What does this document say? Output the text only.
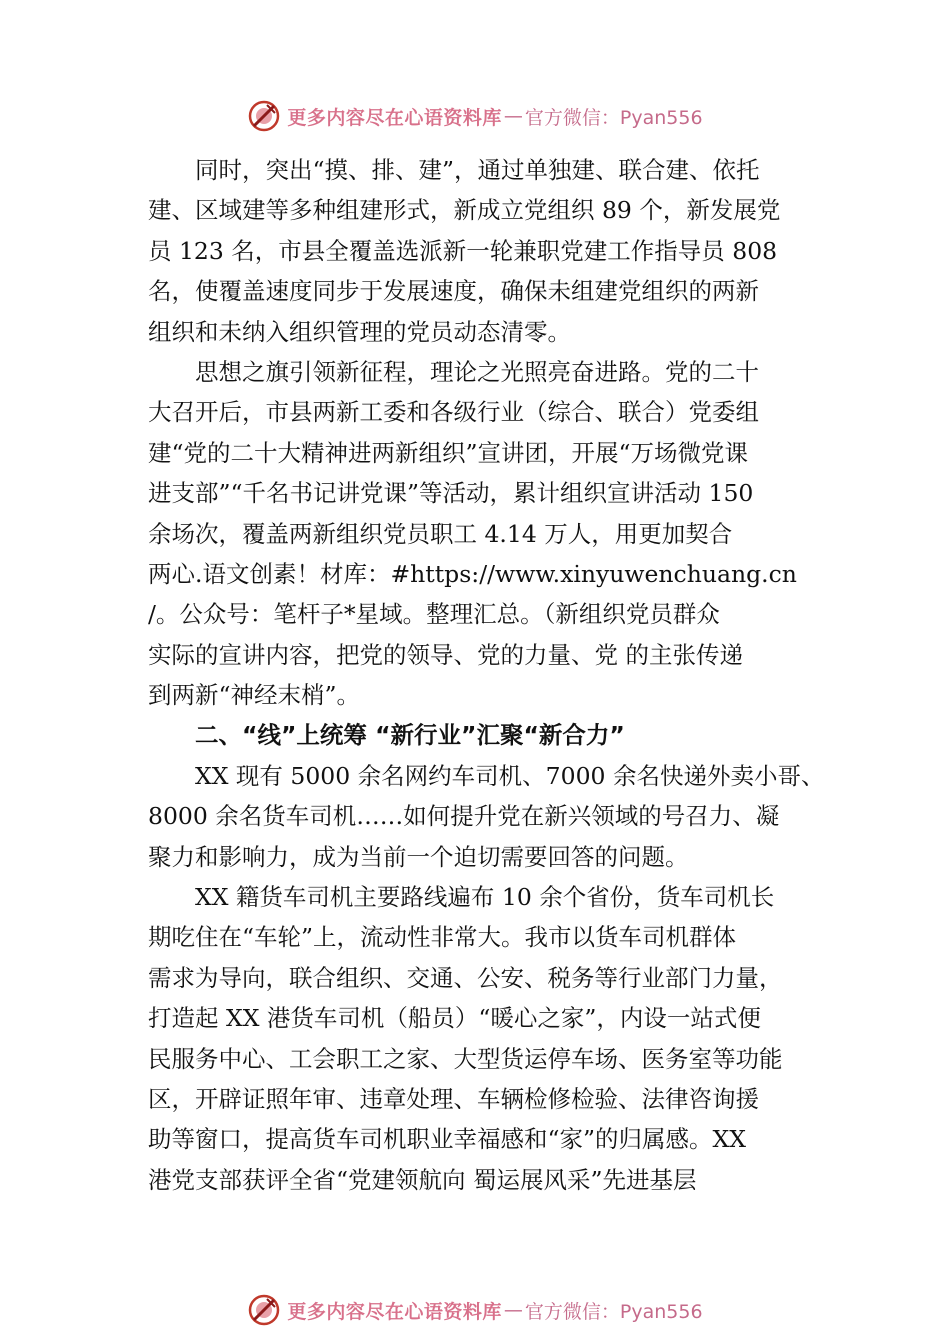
更多内容尽在心语资料库 — 官方微信：Pyan556
　　同时，突出“摸、排、建”，通过单独建、联合建、依托
建、区域建等多种组建形式，新成立党组织 89 个，新发展党
员 123 名，市县全覆盖选派新一轮兼职党建工作指导员 808
名，使覆盖速度同步于发展速度，确保未组建党组织的两新
组织和未纳入组织管理的党员动态清零。
　　思想之旗引领新征程，理论之光照亮奋进路。党的二十
大召开后，市县两新工委和各级行业（综合、联合）党委组
建“党的二十大精神进两新组织”宣讲团，开展“万场微党课
进支部”“千名书记讲党课”等活动，累计组织宣讲活动 150
余场次，覆盖两新组织党员职工 4.14 万人，用更加契合
两心.语文创素！材库：#https://www.xinyuwenchuang.cn
/。公众号：笔杆子*星域。整理汇总。（新组织党员群众
实际的宣讲内容，把党的领导、党的力量、党 的主张传递
到两新“神经末梢”。
　　二、“线”上统筹 “新行业”汇聚“新合力”
　　XX 现有 5000 余名网约车司机、7000 余名快递外卖小哥、
8000 余名货车司机……如何提升党在新兴领域的号召力、凝
聚力和影响力，成为当前一个迫切需要回答的问题。
　　XX 籍货车司机主要路线遍布 10 余个省份，货车司机长
期吃住在“车轮”上，流动性非常大。我市以货车司机群体
需求为导向，联合组织、交通、公安、税务等行业部门力量，
打造起 XX 港货车司机（船员）“暖心之家”，内设一站式便
民服务中心、工会职工之家、大型货运停车场、医务室等功能
区，开辟证照年审、违章处理、车辆检修检验、法律咨询援
助等窗口，提高货车司机职业幸福感和“家”的归属感。XX
港党支部获评全省“党建领航向 蜀运展风采”先进基层
更多内容尽在心语资料库 — 官方微信：Pyan556
